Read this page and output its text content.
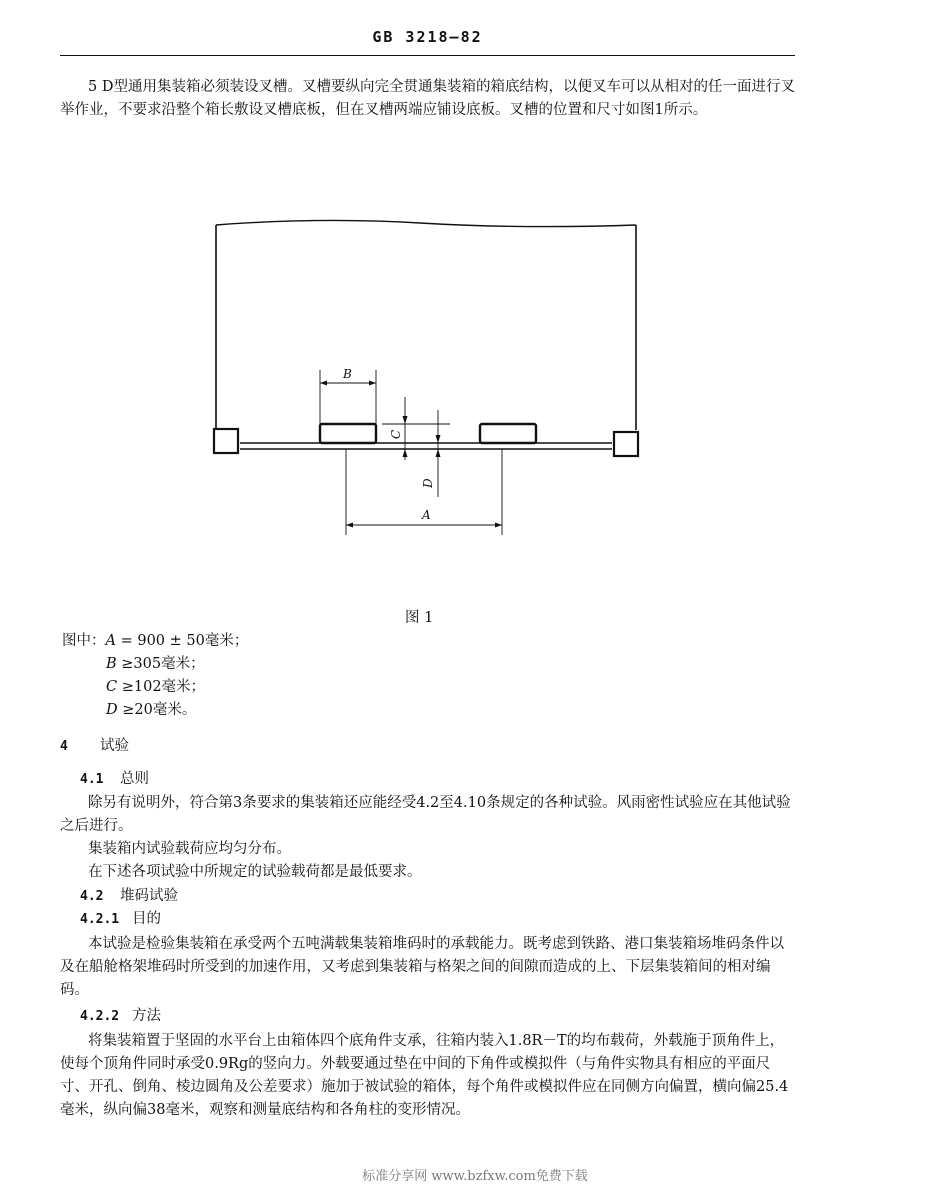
GB 3218—82
5 D型通用集装箱必须装设叉槽。叉槽要纵向完全贯通集装箱的箱底结构，以便叉车可以从相对的任一面进行叉举作业，不要求沿整个箱长敷设叉槽底板，但在叉槽两端应铺设底板。叉槽的位置和尺寸如图1所示。
B
C
D
A
图 1
图中：A = 900 ± 50毫米；
B ≥305毫米；
C ≥102毫米；
D ≥20毫米。
4 试验
4.1 总则
除另有说明外，符合第3条要求的集装箱还应能经受4.2至4.10条规定的各种试验。风雨密性试验应在其他试验之后进行。
集装箱内试验载荷应均匀分布。
在下述各项试验中所规定的试验载荷都是最低要求。
4.2 堆码试验
4.2.1 目的
本试验是检验集装箱在承受两个五吨满载集装箱堆码时的承载能力。既考虑到铁路、港口集装箱场堆码条件以及在船舱格架堆码时所受到的加速作用，又考虑到集装箱与格架之间的间隙而造成的上、下层集装箱间的相对编码。
4.2.2 方法
将集装箱置于坚固的水平台上由箱体四个底角件支承，往箱内装入1.8R－T的均布载荷，外载施于顶角件上，使每个顶角件同时承受0.9Rg的竖向力。外载要通过垫在中间的下角件或模拟件（与角件实物具有相应的平面尺寸、开孔、倒角、棱边圆角及公差要求）施加于被试验的箱体，每个角件或模拟件应在同侧方向偏置，横向偏25.4毫米，纵向偏38毫米，观察和测量底结构和各角柱的变形情况。
标准分享网 www.bzfxw.com免费下载
